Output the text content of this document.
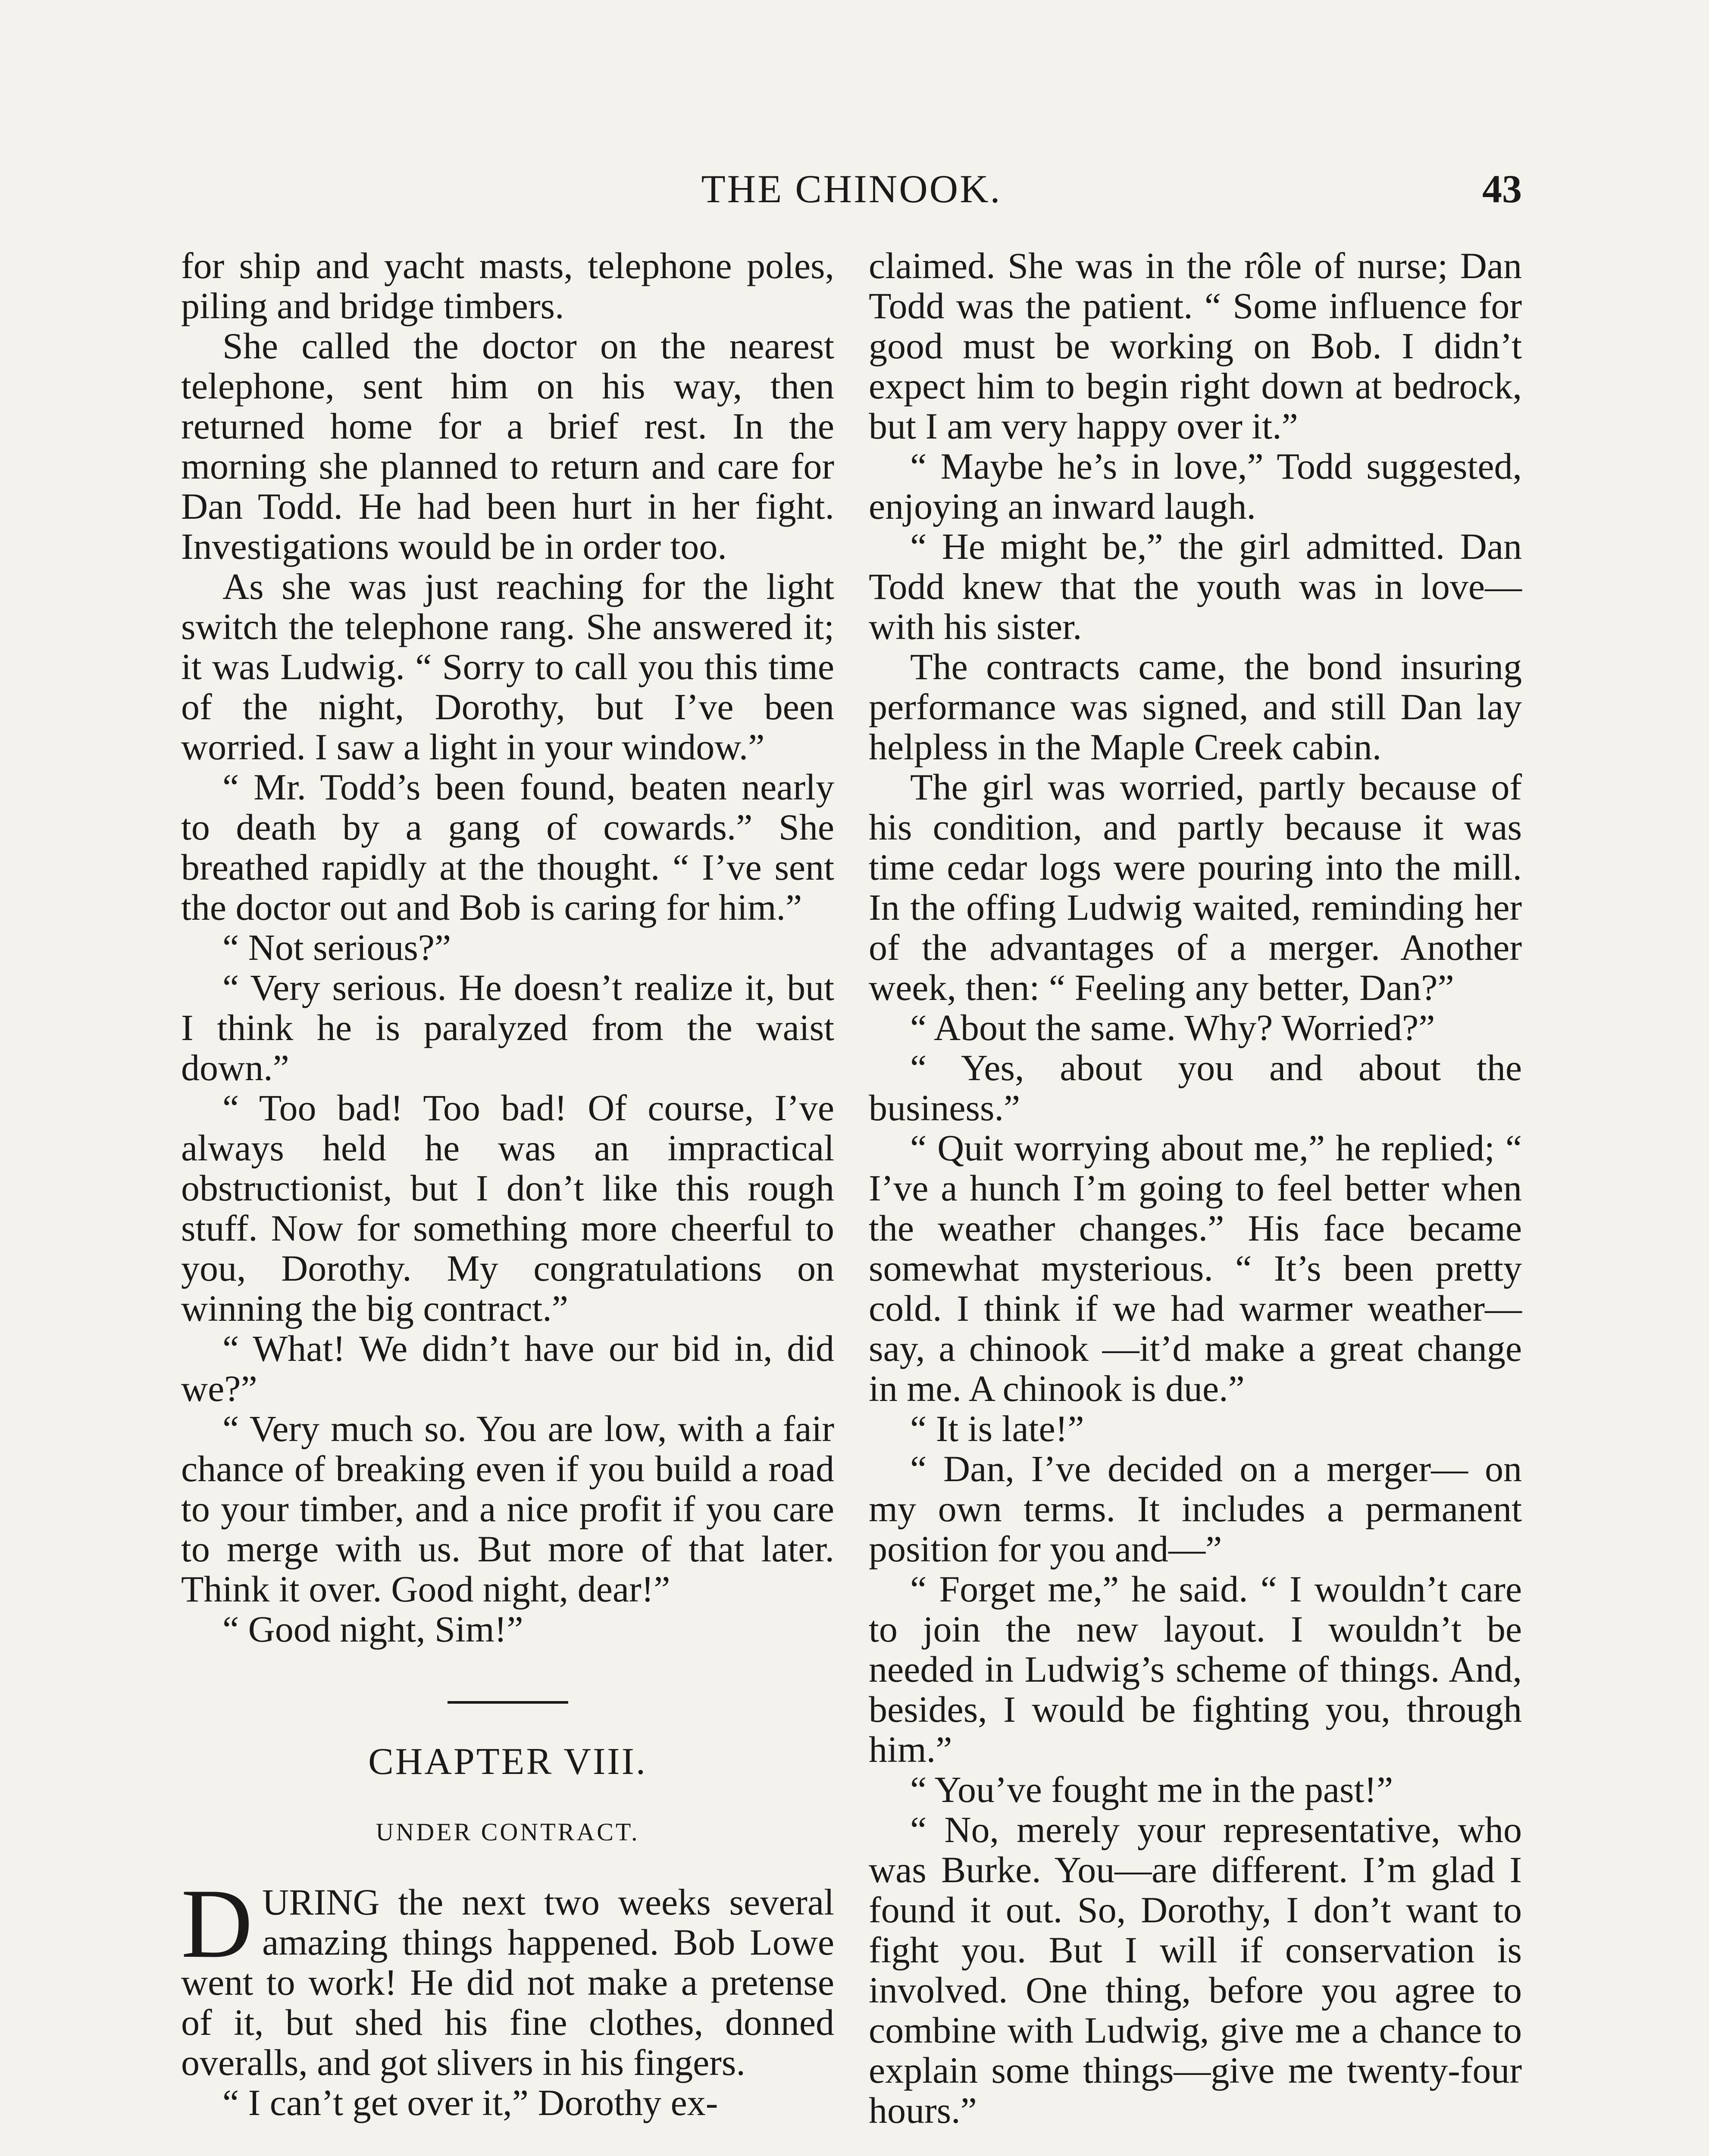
THE CHINOOK.	43

for ship and yacht masts, telephone poles, piling and bridge timbers.

She called the doctor on the nearest telephone, sent him on his way, then returned home for a brief rest. In the morning she planned to return and care for Dan Todd. He had been hurt in her fight. Investigations would be in order too.

As she was just reaching for the light switch the telephone rang. She answered it; it was Ludwig. “ Sorry to call you this time of the night, Dorothy, but I’ve been worried. I saw a light in your window.”

“ Mr. Todd’s been found, beaten nearly to death by a gang of cowards.” She breathed rapidly at the thought. “ I’ve sent the doctor out and Bob is caring for him.”

“ Not serious?”

“ Very serious. He doesn’t realize it, but I think he is paralyzed from the waist down.”

“ Too bad! Too bad! Of course, I’ve always held he was an impractical obstructionist, but I don’t like this rough stuff. Now for something more cheerful to you, Dorothy. My congratulations on winning the big contract.”

“ What! We didn’t have our bid in, did we?”

“ Very much so. You are low, with a fair chance of breaking even if you build a road to your timber, and a nice profit if you care to merge with us. But more of that later. Think it over. Good night, dear!”

“ Good night, Sim!”

CHAPTER VIII.
UNDER CONTRACT.

DURING the next two weeks several amazing things happened. Bob Lowe went to work! He did not make a pretense of it, but shed his fine clothes, donned overalls, and got slivers in his fingers.

“ I can’t get over it,” Dorothy ex-

claimed. She was in the rôle of nurse; Dan Todd was the patient. “ Some influence for good must be working on Bob. I didn’t expect him to begin right down at bedrock, but I am very happy over it.”

“ Maybe he’s in love,” Todd suggested, enjoying an inward laugh.

“ He might be,” the girl admitted. Dan Todd knew that the youth was in love—with his sister.

The contracts came, the bond insuring performance was signed, and still Dan lay helpless in the Maple Creek cabin.

The girl was worried, partly because of his condition, and partly because it was time cedar logs were pouring into the mill. In the offing Ludwig waited, reminding her of the advantages of a merger. Another week, then: “ Feeling any better, Dan?”

“ About the same. Why? Worried?”

“ Yes, about you and about the business.”

“ Quit worrying about me,” he replied; “ I’ve a hunch I’m going to feel better when the weather changes.” His face became somewhat mysterious. “ It’s been pretty cold. I think if we had warmer weather—say, a chinook —it’d make a great change in me. A chinook is due.”

“ It is late!”

“ Dan, I’ve decided on a merger— on my own terms. It includes a permanent position for you and—”

“ Forget me,” he said. “ I wouldn’t care to join the new layout. I wouldn’t be needed in Ludwig’s scheme of things. And, besides, I would be fighting you, through him.”

“ You’ve fought me in the past!”

“ No, merely your representative, who was Burke. You—are different. I’m glad I found it out. So, Dorothy, I don’t want to fight you. But I will if conservation is involved. One thing, before you agree to combine with Ludwig, give me a chance to explain some things—give me twenty-four hours.”
